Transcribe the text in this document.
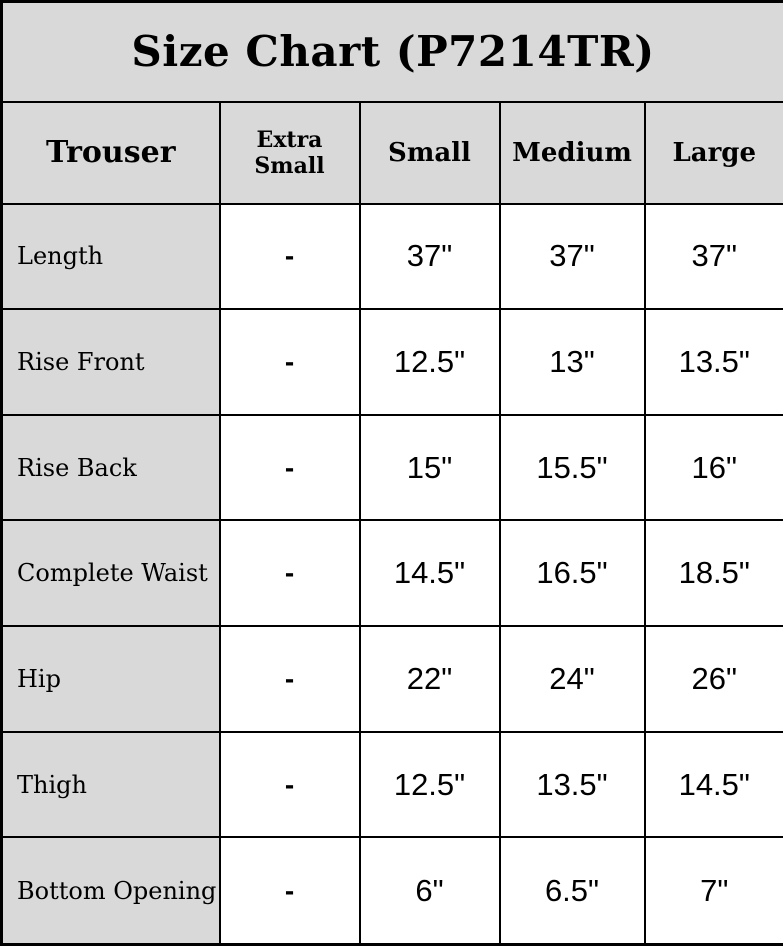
Size Chart (P7214TR)				
Trouser	Extra Small	Small	Medium	Large
Length	-	37"	37"	37"
Rise Front	-	12.5"	13"	13.5"
Rise Back	-	15"	15.5"	16"
Complete Waist	-	14.5"	16.5"	18.5"
Hip	-	22"	24"	26"
Thigh	-	12.5"	13.5"	14.5"
Bottom Opening	-	6"	6.5"	7"
